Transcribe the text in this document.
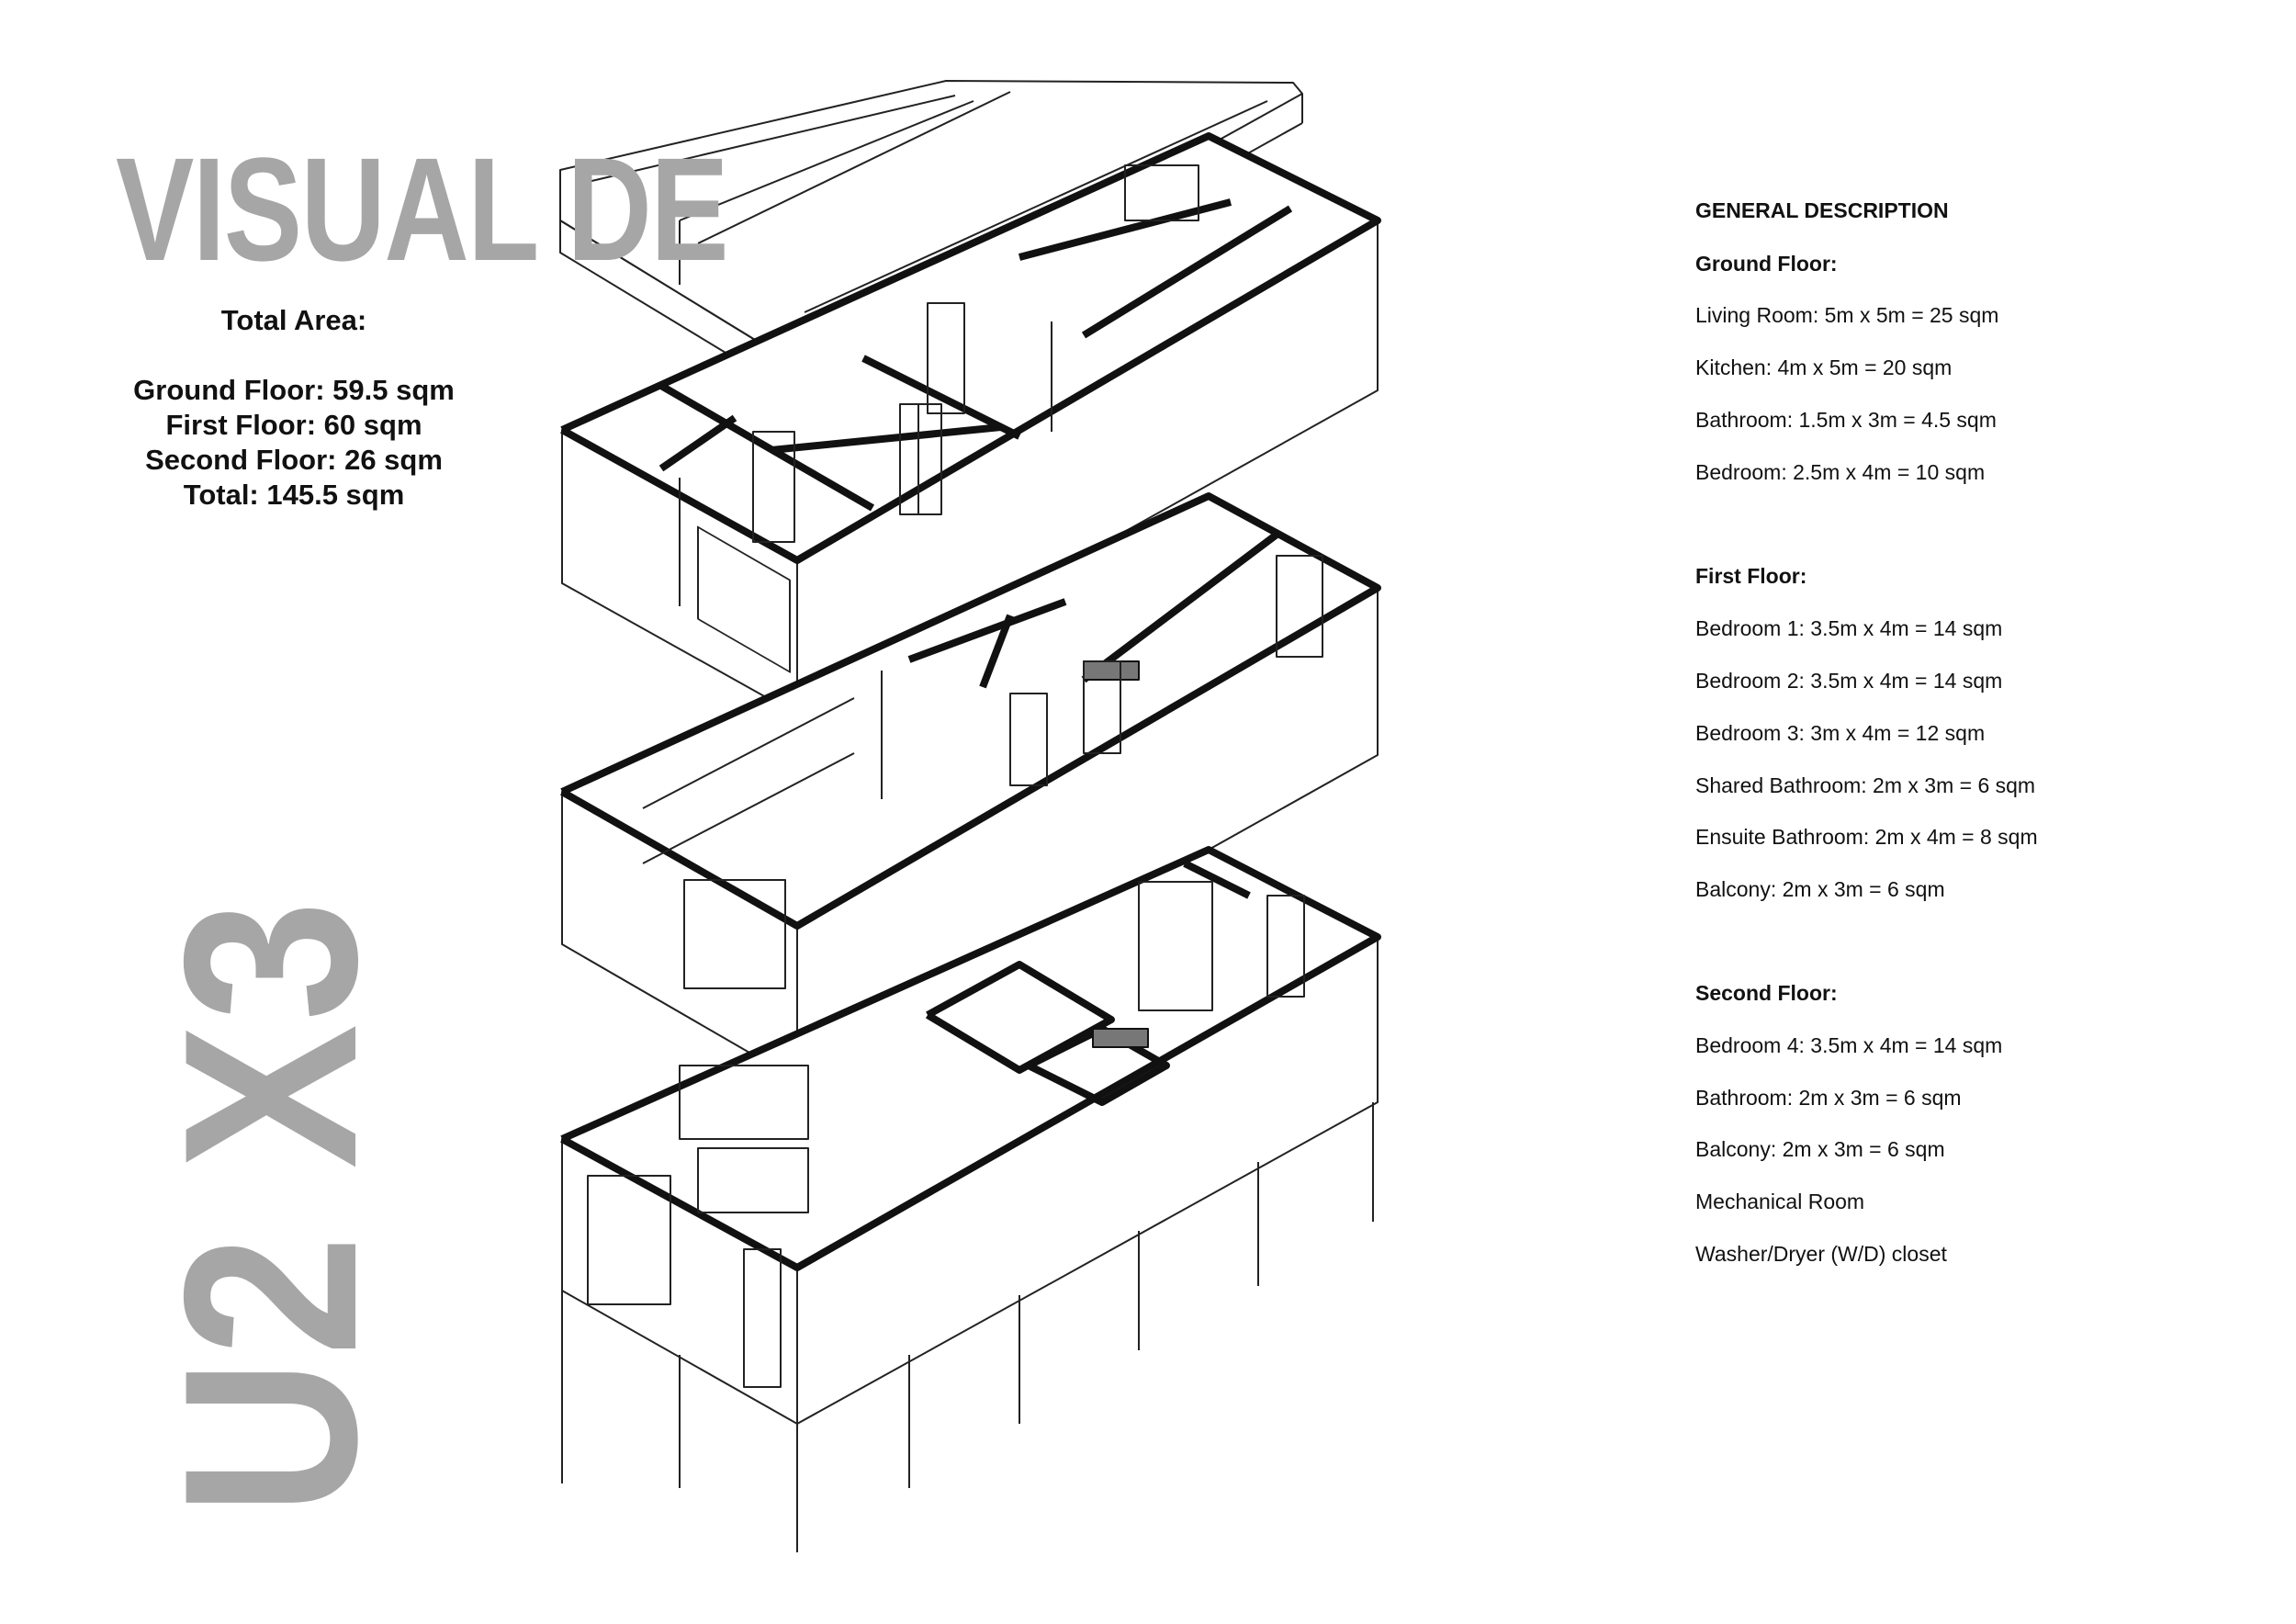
VISUAL DE
Total Area:
Ground Floor: 59.5 sqm
First Floor: 60 sqm
Second Floor: 26 sqm
Total: 145.5 sqm
U2 X3
GENERAL DESCRIPTION
Ground Floor:
Living Room: 5m x 5m = 25 sqm
Kitchen: 4m x 5m = 20 sqm
Bathroom: 1.5m x 3m = 4.5 sqm
Bedroom: 2.5m x 4m = 10 sqm
First Floor:
Bedroom 1: 3.5m x 4m = 14 sqm
Bedroom 2: 3.5m x 4m = 14 sqm
Bedroom 3: 3m x 4m = 12 sqm
Shared Bathroom: 2m x 3m = 6 sqm
Ensuite Bathroom: 2m x 4m = 8 sqm
Balcony: 2m x 3m = 6 sqm
Second Floor:
Bedroom 4: 3.5m x 4m = 14 sqm
Bathroom: 2m x 3m = 6 sqm
Balcony: 2m x 3m = 6 sqm
Mechanical Room
Washer/Dryer (W/D) closet
